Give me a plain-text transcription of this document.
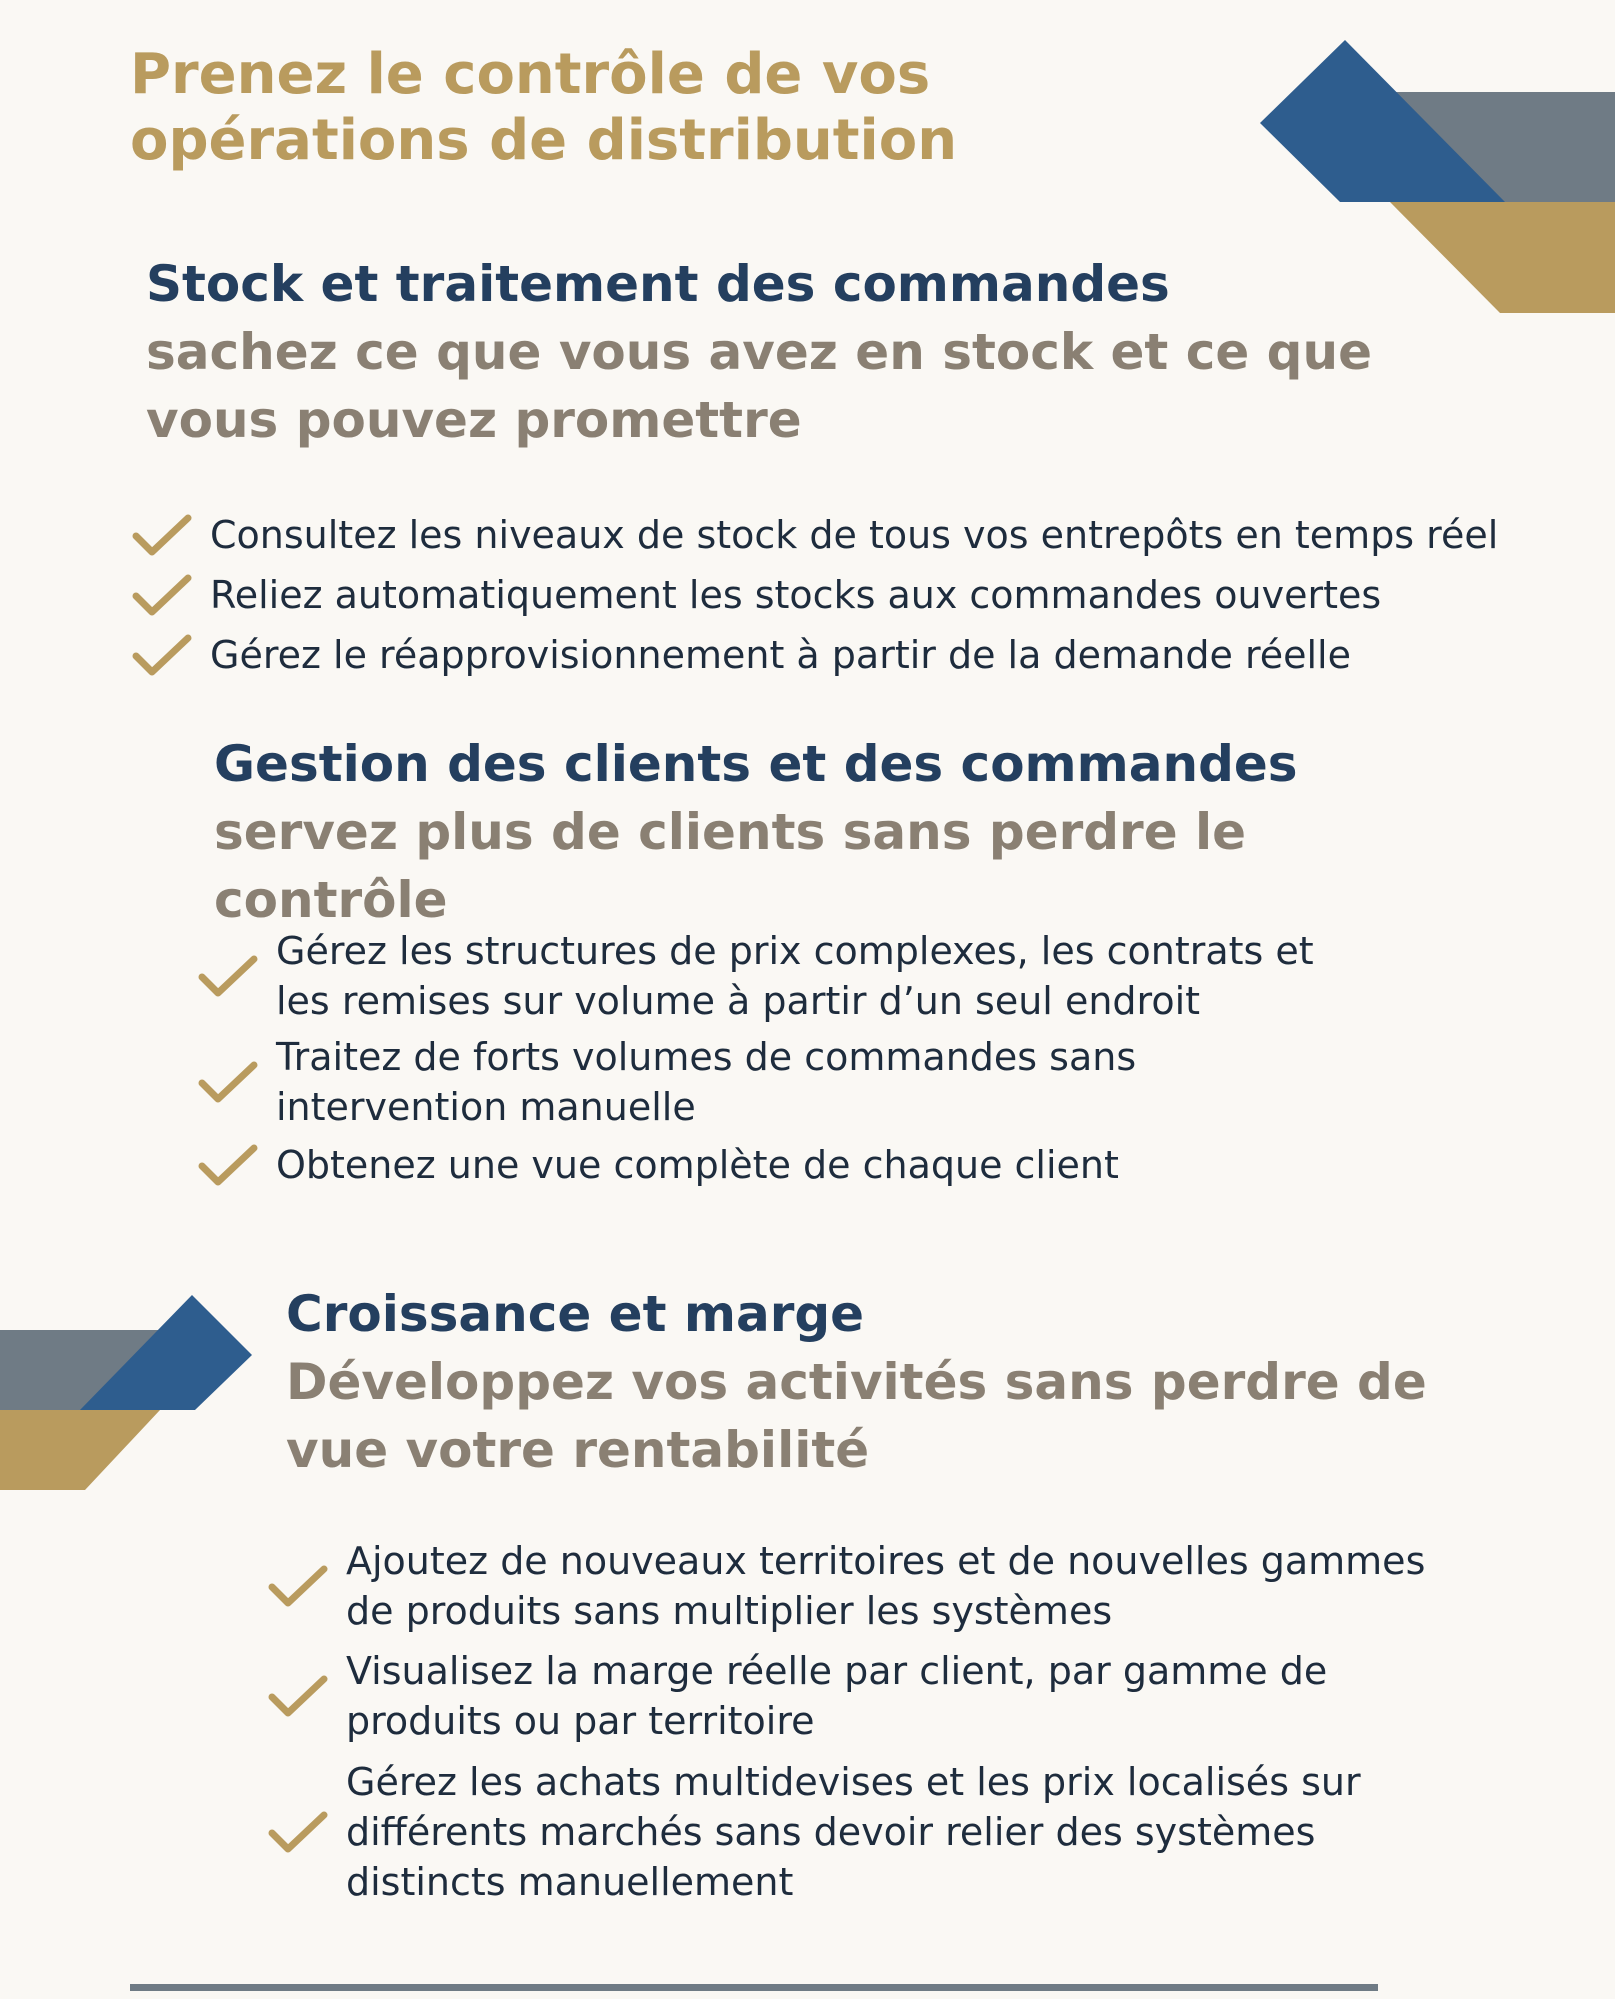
Prenez le contrôle de vos opérations de distribution
Stock et traitement des commandes
sachez ce que vous avez en stock et ce que vous pouvez promettre
Consultez les niveaux de stock de tous vos entrepôts en temps réel
Reliez automatiquement les stocks aux commandes ouvertes
Gérez le réapprovisionnement à partir de la demande réelle
Gestion des clients et des commandes
servez plus de clients sans perdre le contrôle
Gérez les structures de prix complexes, les contrats et les remises sur volume à partir d’un seul endroit
Traitez de forts volumes de commandes sans intervention manuelle
Obtenez une vue complète de chaque client
Croissance et marge
Développez vos activités sans perdre de vue votre rentabilité
Ajoutez de nouveaux territoires et de nouvelles gammes de produits sans multiplier les systèmes
Visualisez la marge réelle par client, par gamme de produits ou par territoire
Gérez les achats multidevises et les prix localisés sur différents marchés sans devoir relier des systèmes distincts manuellement
